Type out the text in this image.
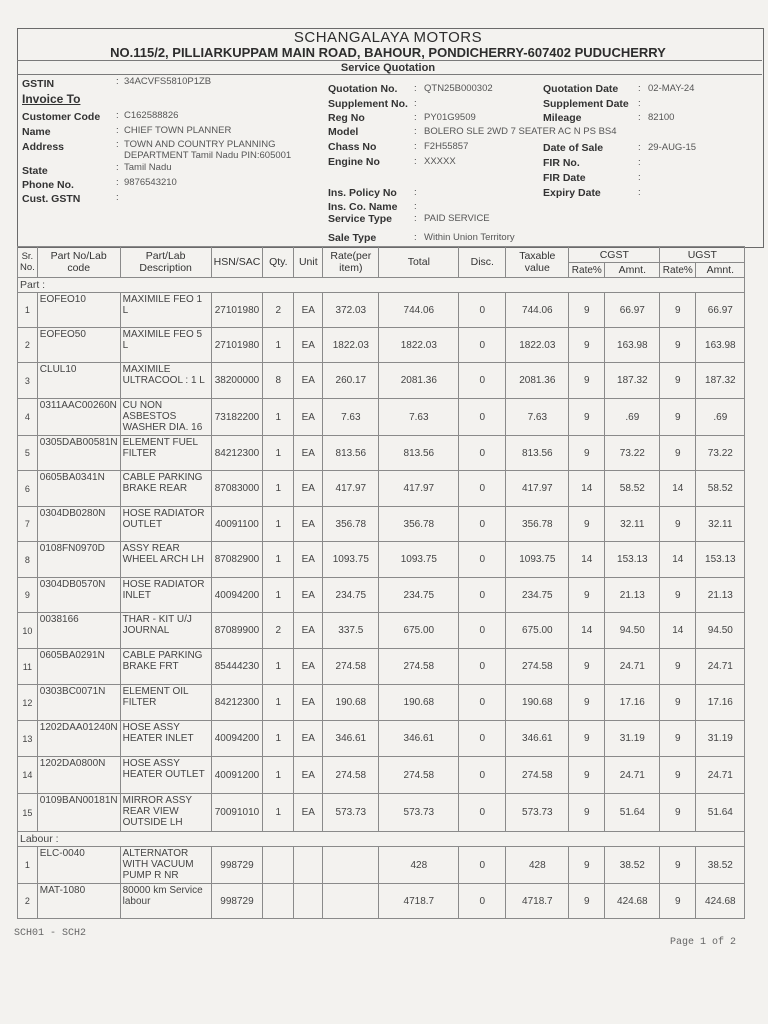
SCHANGALAYA MOTORS
NO.115/2, PILLIARKUPPAM MAIN ROAD, BAHOUR, PONDICHERRY-607402 PUDUCHERRY
Service Quotation
GSTIN	: 34ACVFS5810P1ZB
Invoice To
Customer Code : C162588826
Name	: CHIEF TOWN PLANNER
Address	: TOWN AND COUNTRY PLANNING
DEPARTMENT Tamil Nadu PIN:605001
State	: Tamil Nadu
Phone No.	: 9876543210
Cust. GSTN	:
Quotation No. : QTN25B000302
Supplement No. :
Reg No	: PY01G9509
Model	: BOLERO SLE 2WD 7 SEATER AC N PS BS4
Chass No	: F2H55857
Engine No	: XXXXX
Ins. Policy No :
Ins. Co. Name :
Service Type : PAID SERVICE
Sale Type	: Within Union Territory
Quotation Date : 02-MAY-24
Supplement Date :
Mileage	: 82100
Date of Sale	: 29-AUG-15
FIR No.	:
FIR Date	:
Expiry Date	:
Sr. No.	Part No/Lab code	Part/Lab Description	HSN/SAC	Qty.	Unit	Rate(per item)	Total	Disc.	Taxable value	CGST		UGST	
										Rate%	Amnt.	Rate%	Amnt.
Part :													
1	EOFEO10	MAXIMILE FEO 1 L	27101980	2	EA	372.03	744.06	0	744.06	9	66.97	9	66.97
2	EOFEO50	MAXIMILE FEO 5 L	27101980	1	EA	1822.03	1822.03	0	1822.03	9	163.98	9	163.98
3	CLUL10	MAXIMILE ULTRACOOL : 1 L	38200000	8	EA	260.17	2081.36	0	2081.36	9	187.32	9	187.32
4	0311AAC00260N	CU NON ASBESTOS WASHER DIA. 16	73182200	1	EA	7.63	7.63	0	7.63	9	.69	9	.69
5	0305DAB00581N	ELEMENT FUEL FILTER	84212300	1	EA	813.56	813.56	0	813.56	9	73.22	9	73.22
6	0605BA0341N	CABLE PARKING BRAKE REAR	87083000	1	EA	417.97	417.97	0	417.97	14	58.52	14	58.52
7	0304DB0280N	HOSE RADIATOR OUTLET	40091100	1	EA	356.78	356.78	0	356.78	9	32.11	9	32.11
8	0108FN0970D	ASSY REAR WHEEL ARCH LH	87082900	1	EA	1093.75	1093.75	0	1093.75	14	153.13	14	153.13
9	0304DB0570N	HOSE RADIATOR INLET	40094200	1	EA	234.75	234.75	0	234.75	9	21.13	9	21.13
10	0038166	THAR - KIT U/J JOURNAL	87089900	2	EA	337.5	675.00	0	675.00	14	94.50	14	94.50
11	0605BA0291N	CABLE PARKING BRAKE FRT	85444230	1	EA	274.58	274.58	0	274.58	9	24.71	9	24.71
12	0303BC0071N	ELEMENT OIL FILTER	84212300	1	EA	190.68	190.68	0	190.68	9	17.16	9	17.16
13	1202DAA01240N	HOSE ASSY HEATER INLET	40094200	1	EA	346.61	346.61	0	346.61	9	31.19	9	31.19
14	1202DA0800N	HOSE ASSY HEATER OUTLET	40091200	1	EA	274.58	274.58	0	274.58	9	24.71	9	24.71
15	0109BAN00181N	MIRROR ASSY REAR VIEW OUTSIDE LH	70091010	1	EA	573.73	573.73	0	573.73	9	51.64	9	51.64
Labour :													
1	ELC-0040	ALTERNATOR WITH VACUUM PUMP R NR	998729				428	0	428	9	38.52	9	38.52
2	MAT-1080	80000 km Service labour	998729				4718.7	0	4718.7	9	424.68	9	424.68
SCH01 - SCH2
Page 1 of 2
